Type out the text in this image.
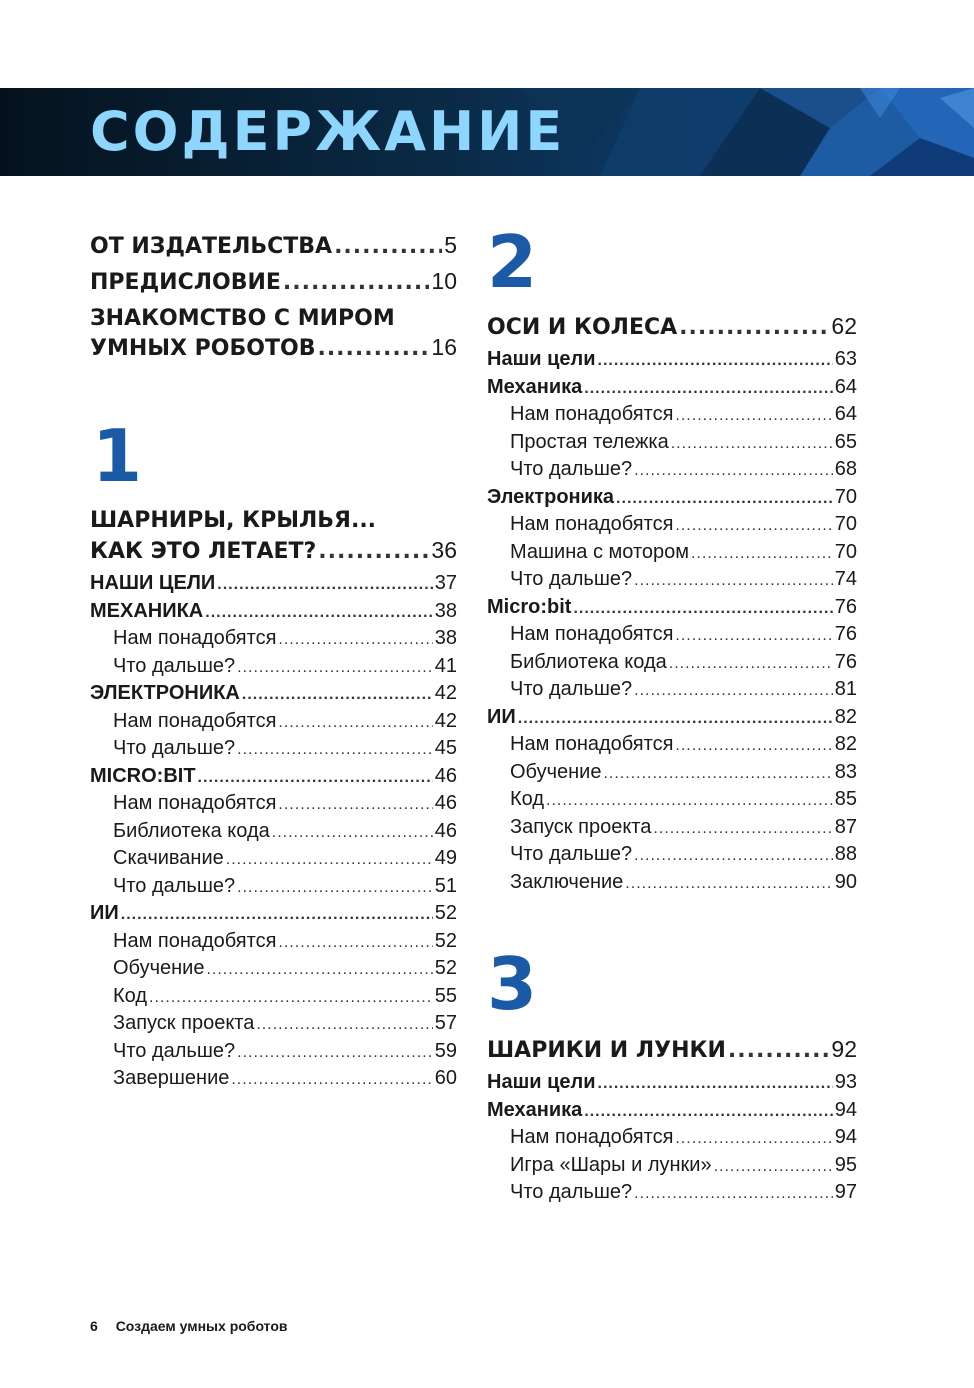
СОДЕРЖАНИЕ
ОТ ИЗДАТЕЛЬСТВА .....	5
ПРЕДИСЛОВИЕ .....	10
ЗНАКОМСТВО С МИРОМ
УМНЫХ РОБОТОВ .....	16
1
ШАРНИРЫ, КРЫЛЬЯ...
КАК ЭТО ЛЕТАЕТ? .....	36
НАШИ ЦЕЛИ .....	37
МЕХАНИКА .....	38
Нам понадобятся .....	38
Что дальше? .....	41
ЭЛЕКТРОНИКА .....	42
Нам понадобятся .....	42
Что дальше? .....	45
MICRO:BIT .....	46
Нам понадобятся .....	46
Библиотека кода .....	46
Скачивание .....	49
Что дальше? .....	51
ИИ .....	52
Нам понадобятся .....	52
Обучение .....	52
Код .....	55
Запуск проекта .....	57
Что дальше? .....	59
Завершение .....	60
2
ОСИ И КОЛЕСА .....	62
Наши цели .....	63
Механика .....	64
Нам понадобятся .....	64
Простая тележка .....	65
Что дальше? .....	68
Электроника .....	70
Нам понадобятся .....	70
Машина с мотором .....	70
Что дальше? .....	74
Micro:bit .....	76
Нам понадобятся .....	76
Библиотека кода .....	76
Что дальше? .....	81
ИИ .....	82
Нам понадобятся .....	82
Обучение .....	83
Код .....	85
Запуск проекта .....	87
Что дальше? .....	88
Заключение .....	90
3
ШАРИКИ И ЛУНКИ .....	92
Наши цели .....	93
Механика .....	94
Нам понадобятся .....	94
Игра «Шары и лунки» .....	95
Что дальше? .....	97
6 Создаем умных роботов
